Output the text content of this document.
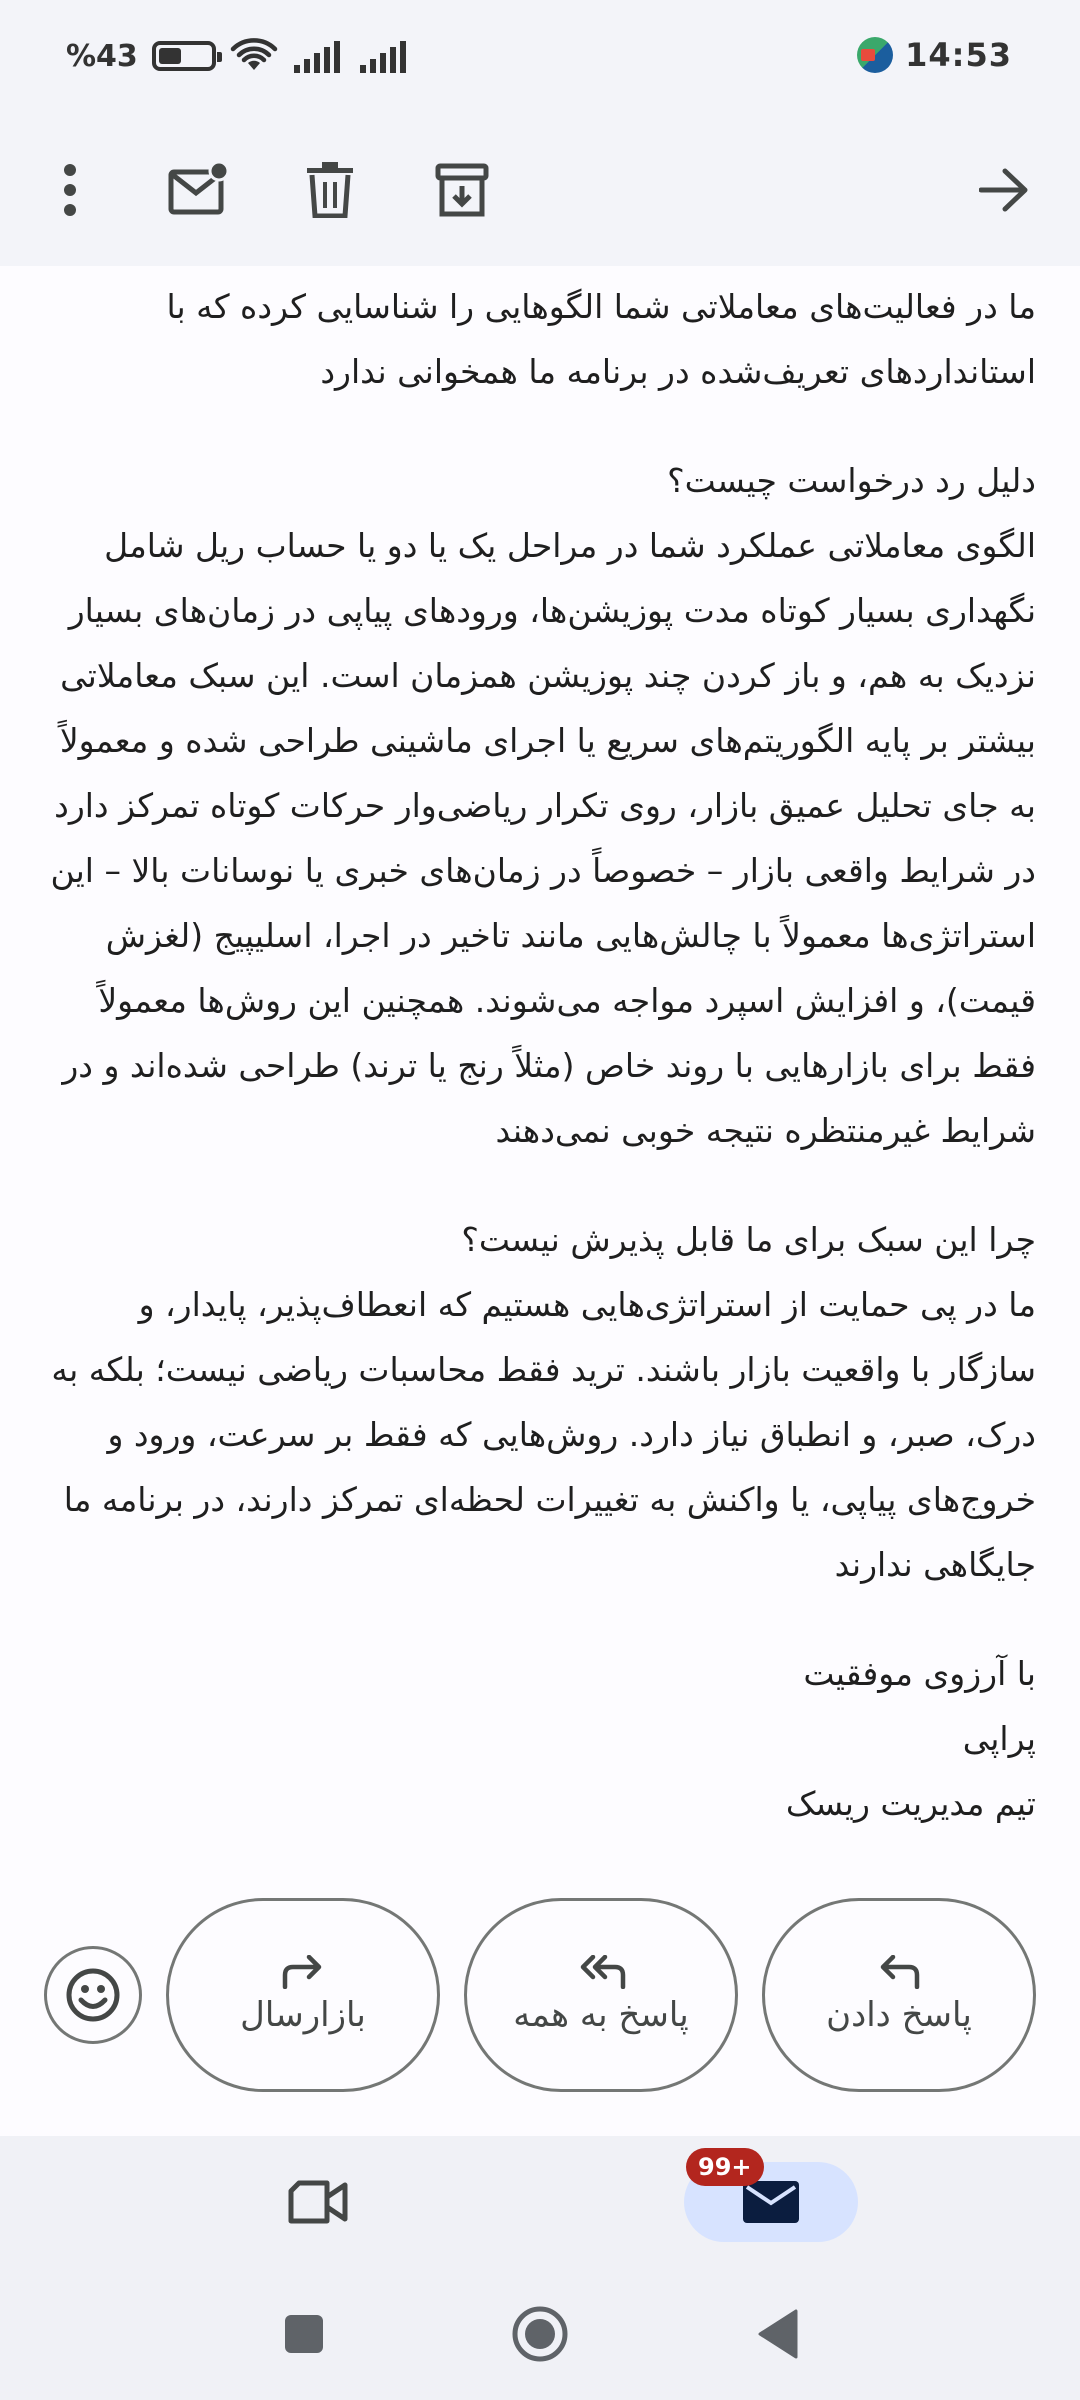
%43	14:53

ما در فعالیت‌های معاملاتی شما الگوهایی را شناسایی کرده که با استانداردهای تعریف‌شده در برنامه ما همخوانی ندارد

دلیل رد درخواست چیست؟
الگوی معاملاتی عملکرد شما در مراحل یک یا دو یا حساب ریل شامل نگهداری بسیار کوتاه مدت پوزیشن‌ها، ورودهای پیاپی در زمان‌های بسیار نزدیک به هم، و باز کردن چند پوزیشن همزمان است. این سبک معاملاتی بیشتر بر پایه الگوریتم‌های سریع یا اجرای ماشینی طراحی شده و معمولاً به جای تحلیل عمیق بازار، روی تکرار ریاضی‌وار حرکات کوتاه تمرکز دارد در شرایط واقعی بازار – خصوصاً در زمان‌های خبری یا نوسانات بالا – این استراتژی‌ها معمولاً با چالش‌هایی مانند تاخیر در اجرا، اسلیپیج (لغزش قیمت)، و افزایش اسپرد مواجه می‌شوند. همچنین این روش‌ها معمولاً فقط برای بازارهایی با روند خاص (مثلاً رنج یا ترند) طراحی شده‌اند و در شرایط غیرمنتظره نتیجه خوبی نمی‌دهند

چرا این سبک برای ما قابل پذیرش نیست؟
ما در پی حمایت از استراتژی‌هایی هستیم که انعطاف‌پذیر، پایدار، و سازگار با واقعیت بازار باشند. ترید فقط محاسبات ریاضی نیست؛ بلکه به درک، صبر، و انطباق نیاز دارد. روش‌هایی که فقط بر سرعت، ورود و خروج‌های پیاپی، یا واکنش به تغییرات لحظه‌ای تمرکز دارند، در برنامه ما جایگاهی ندارند

با آرزوی موفقیت
پراپی
تیم مدیریت ریسک

بازارسال	پاسخ به همه	پاسخ دادن
99+
